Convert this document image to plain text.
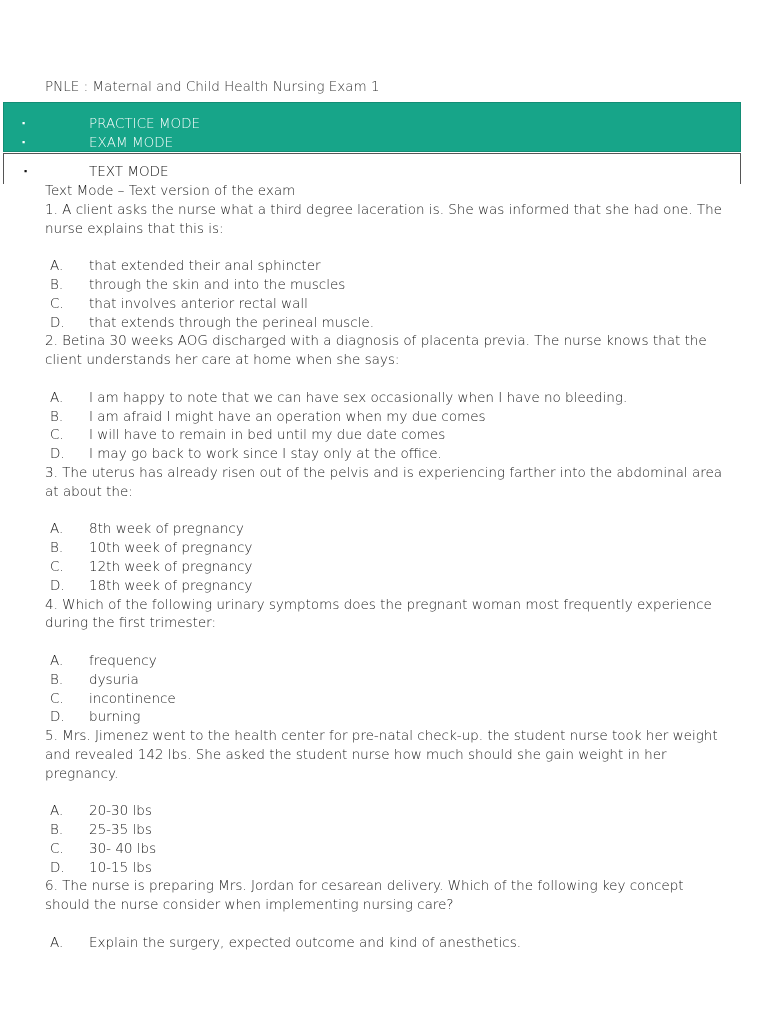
PNLE : Maternal and Child Health Nursing Exam 1
▪	PRACTICE MODE
▪	EXAM MODE
▪	TEXT MODE

Text Mode – Text version of the exam

1. A client asks the nurse what a third degree laceration is. She was informed that she had one. The nurse explains that this is:

A. that extended their anal sphincter
B. through the skin and into the muscles
C. that involves anterior rectal wall
D. that extends through the perineal muscle.

2. Betina 30 weeks AOG discharged with a diagnosis of placenta previa. The nurse knows that the client understands her care at home when she says:

A. I am happy to note that we can have sex occasionally when I have no bleeding.
B. I am afraid I might have an operation when my due comes
C. I will have to remain in bed until my due date comes
D. I may go back to work since I stay only at the office.

3. The uterus has already risen out of the pelvis and is experiencing farther into the abdominal area at about the:

A. 8th week of pregnancy
B. 10th week of pregnancy
C. 12th week of pregnancy
D. 18th week of pregnancy

4. Which of the following urinary symptoms does the pregnant woman most frequently experience during the first trimester:

A. frequency
B. dysuria
C. incontinence
D. burning

5. Mrs. Jimenez went to the health center for pre-natal check-up. the student nurse took her weight and revealed 142 lbs. She asked the student nurse how much should she gain weight in her pregnancy.

A. 20-30 lbs
B. 25-35 lbs
C. 30- 40 lbs
D. 10-15 lbs

6. The nurse is preparing Mrs. Jordan for cesarean delivery. Which of the following key concept should the nurse consider when implementing nursing care?

A. Explain the surgery, expected outcome and kind of anesthetics.
